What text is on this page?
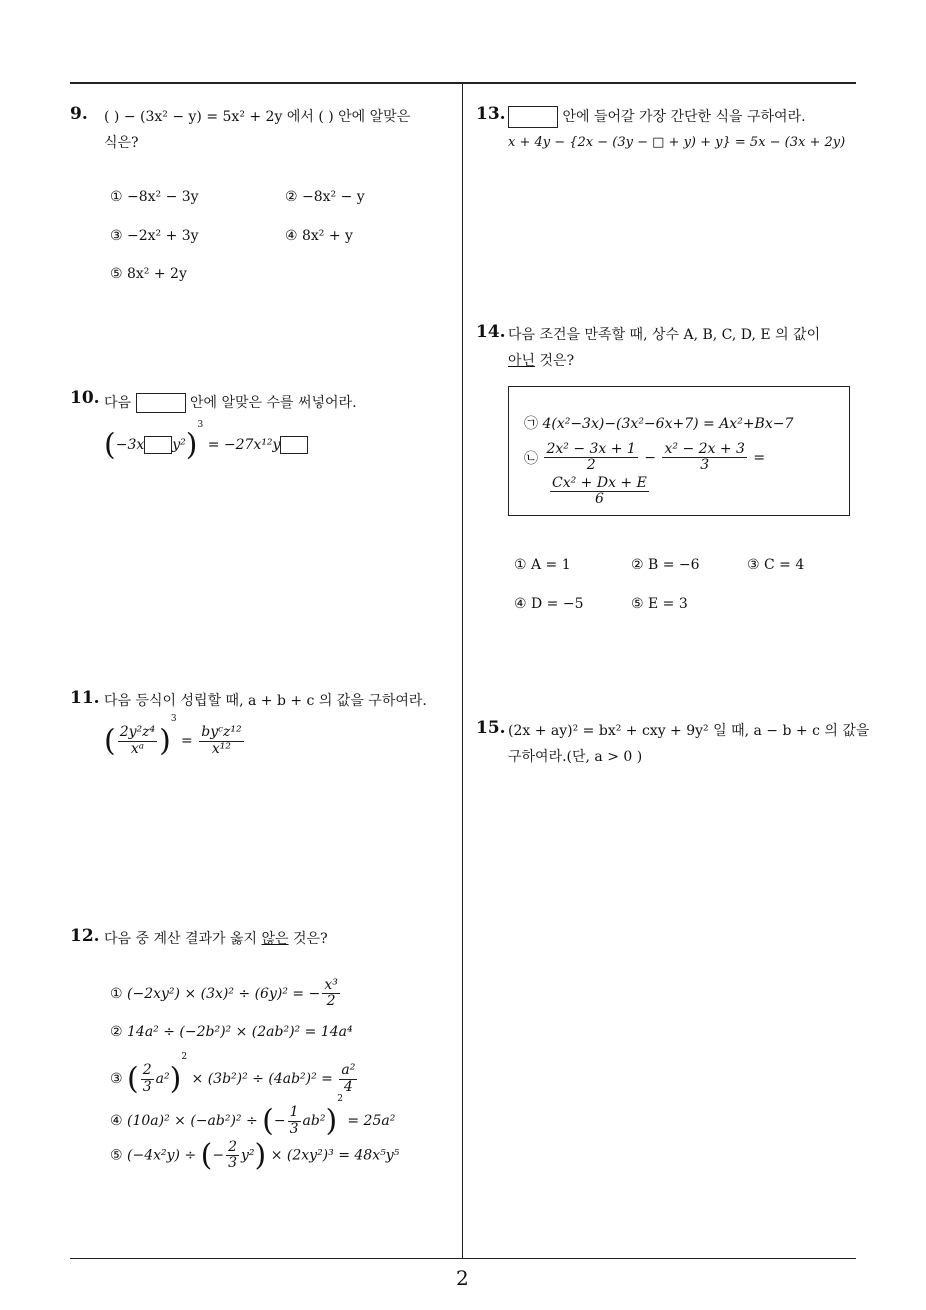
9. ( ) − (3x² − y) = 5x² + 2y 에서 ( ) 안에 알맞은
식은?
① −8x² − 3y	② −8x² − y
③ −2x² + 3y	④ 8x² + y
⑤ 8x² + 2y
10. 다음	안에 알맞은 수를 써넣어라.
(−3x y²)$^3$ = −27x¹²y
11. 다음 등식이 성립할 때, a + b + c 의 값을 구하여라.
( $\frac{\text{2y²z⁴}}{\text{xᵃ}} )^3 = \frac{\text{byᶜz¹²}}{\text{x¹²}}$
12. 다음 중 계산 결과가 옳지 않은 것은?
① (−2xy²) × (3x)² ÷ (6y)² = − $\frac{\text{x³}}{2}$
② 14a² ÷ (−2b²)² × (2ab²)² = 14a⁴
③ ( $\frac{2}{3} a^2)^2 \times (3b^2)^2 \div (4ab^2)^2 = \frac{\text{a²}}{4}$
④ (10a)² × (−ab²)² ÷ (− $\frac{1}{3} ab^2)^2 = 25a^2$
⑤ (−4x²y) ÷ (− $\frac{2}{3} y^2) \times (2xy^2)^3 = 48x^5y^5$
13.	안에 들어갈 가장 간단한 식을 구하여라.
x + 4y − {2x − (3y − □ + y) + y} = 5x − (3x + 2y)
14. 다음 조건을 만족할 때, 상수 A, B, C, D, E 의 값이
아닌 것은?
㉠ 4(x²−3x)−(3x²−6x+7) = Ax²+Bx−7
㉡ $\frac{\text{2x² − 3x + 1}}{2} - \frac{\text{x² − 2x + 3}}{3}$ =
$\frac{\text{Cx² + Dx + E}}{6}$
① A = 1	② B = −6	③ C = 4
④ D = −5	⑤ E = 3
15. (2x + ay)² = bx² + cxy + 9y² 일 때, a − b + c 의 값을
구하여라.(단, a > 0 )
2
